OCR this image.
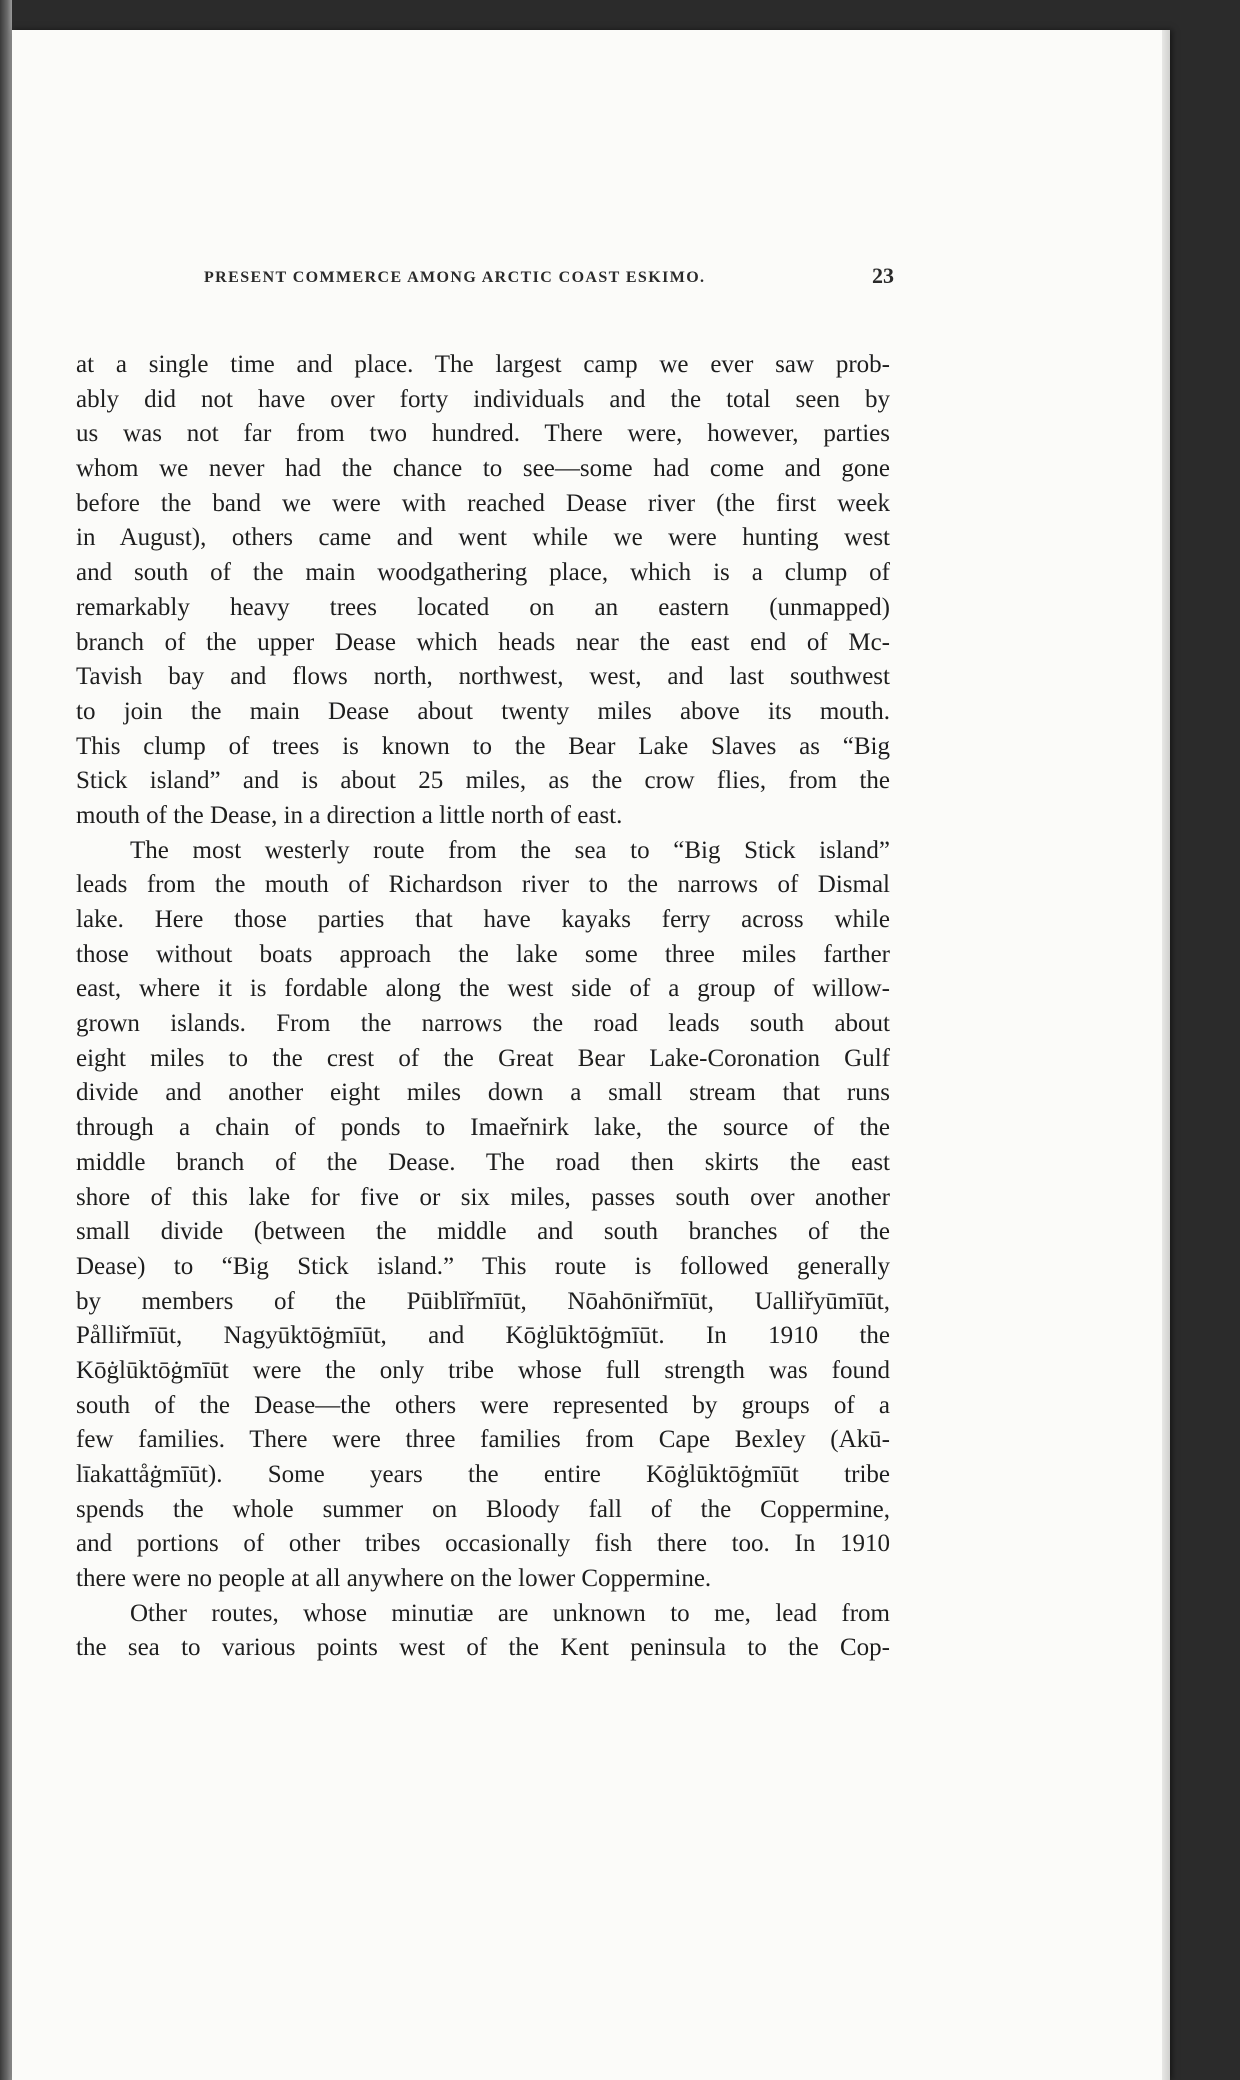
PRESENT COMMERCE AMONG ARCTIC COAST ESKIMO.	23
at a single time and place. The largest camp we ever saw prob-
ably did not have over forty individuals and the total seen by
us was not far from two hundred. There were, however, parties
whom we never had the chance to see—some had come and gone
before the band we were with reached Dease river (the first week
in August), others came and went while we were hunting west
and south of the main woodgathering place, which is a clump of
remarkably heavy trees located on an eastern (unmapped)
branch of the upper Dease which heads near the east end of Mc-
Tavish bay and flows north, northwest, west, and last southwest
to join the main Dease about twenty miles above its mouth.
This clump of trees is known to the Bear Lake Slaves as “Big
Stick island” and is about 25 miles, as the crow flies, from the
mouth of the Dease, in a direction a little north of east.
The most westerly route from the sea to “Big Stick island”
leads from the mouth of Richardson river to the narrows of Dismal
lake. Here those parties that have kayaks ferry across while
those without boats approach the lake some three miles farther
east, where it is fordable along the west side of a group of willow-
grown islands. From the narrows the road leads south about
eight miles to the crest of the Great Bear Lake-Coronation Gulf
divide and another eight miles down a small stream that runs
through a chain of ponds to Imaeřnirk lake, the source of the
middle branch of the Dease. The road then skirts the east
shore of this lake for five or six miles, passes south over another
small divide (between the middle and south branches of the
Dease) to “Big Stick island.” This route is followed generally
by members of the Pūiblīřmīūt, Nōahōniřmīūt, Ualliřyūmīūt,
Pålliřmīūt, Nagyūktōġmīūt, and Kōġlūktōġmīūt. In 1910 the
Kōġlūktōġmīūt were the only tribe whose full strength was found
south of the Dease—the others were represented by groups of a
few families. There were three families from Cape Bexley (Akū-
līakattåġmīūt). Some years the entire Kōġlūktōġmīūt tribe
spends the whole summer on Bloody fall of the Coppermine,
and portions of other tribes occasionally fish there too. In 1910
there were no people at all anywhere on the lower Coppermine.
Other routes, whose minutiæ are unknown to me, lead from
the sea to various points west of the Kent peninsula to the Cop-
